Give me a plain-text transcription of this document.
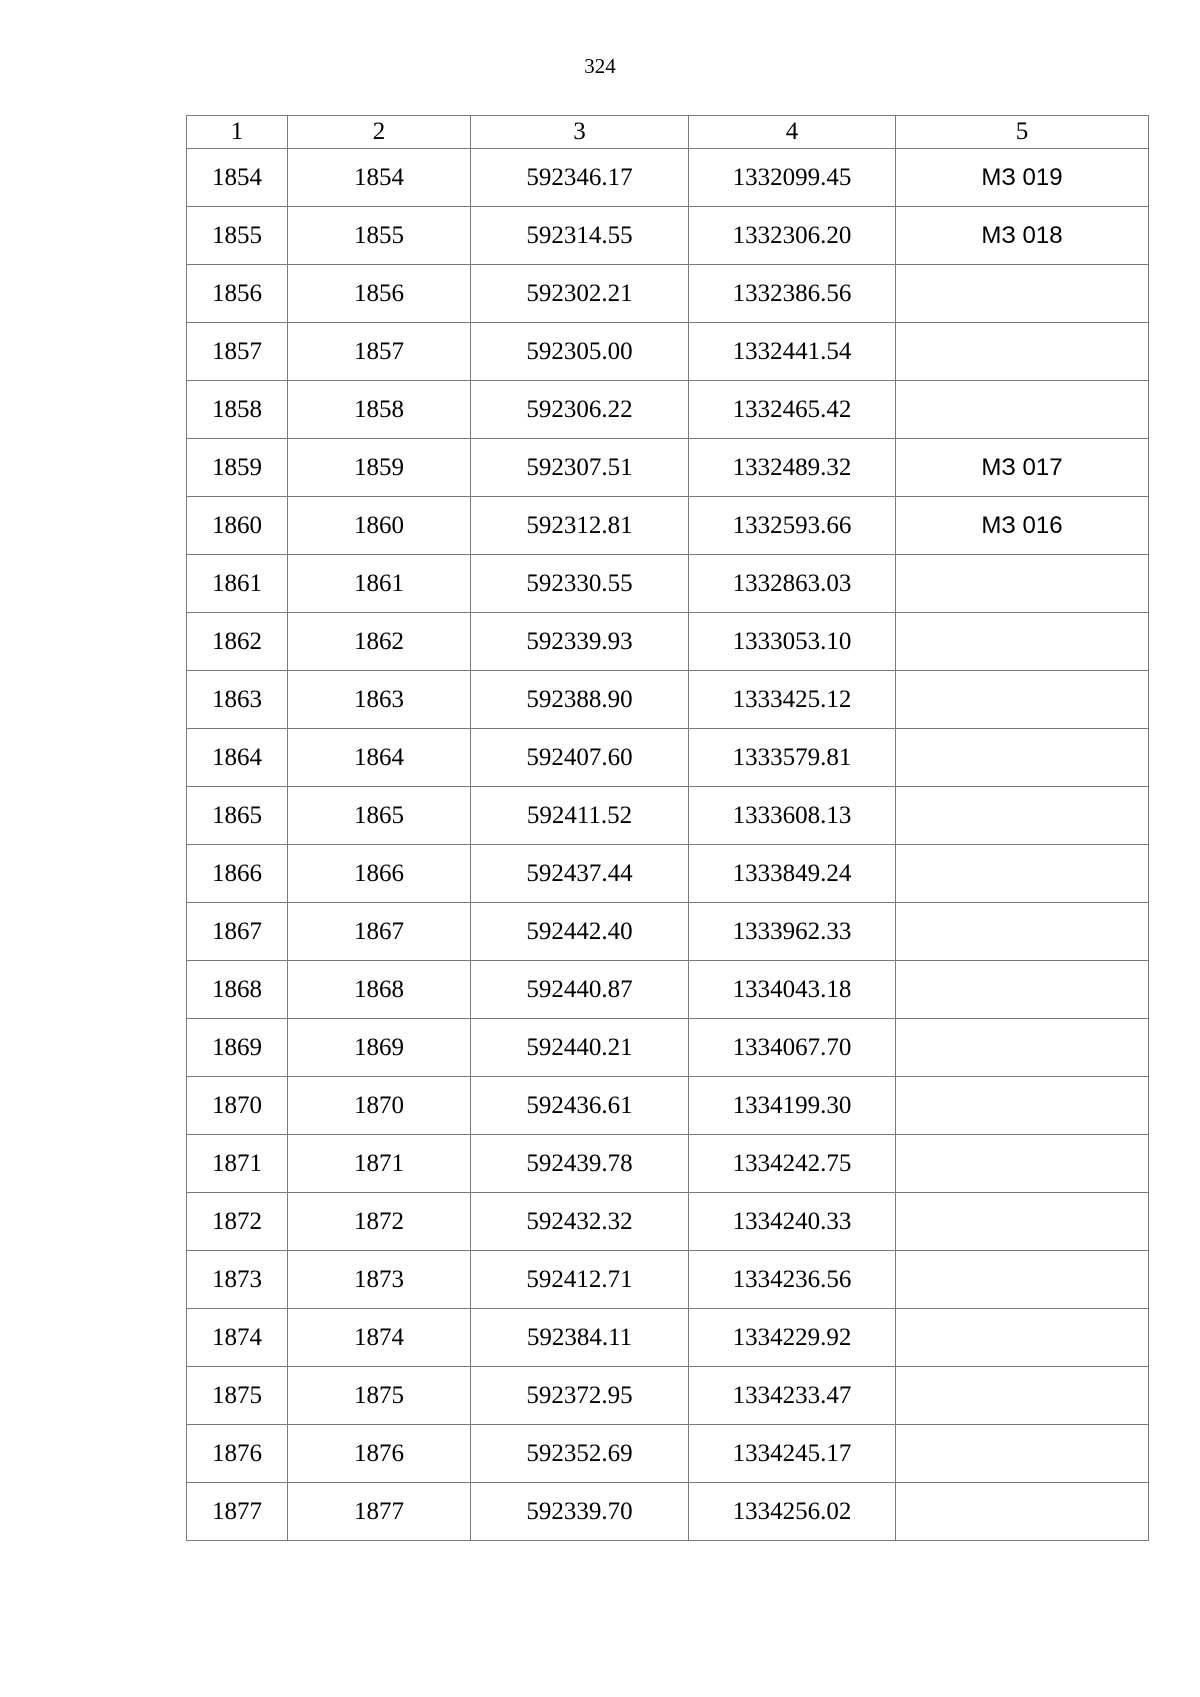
324
1	2	3	4	5
1854	1854	592346.17	1332099.45	МЗ 019
1855	1855	592314.55	1332306.20	МЗ 018
1856	1856	592302.21	1332386.56	
1857	1857	592305.00	1332441.54	
1858	1858	592306.22	1332465.42	
1859	1859	592307.51	1332489.32	МЗ 017
1860	1860	592312.81	1332593.66	МЗ 016
1861	1861	592330.55	1332863.03	
1862	1862	592339.93	1333053.10	
1863	1863	592388.90	1333425.12	
1864	1864	592407.60	1333579.81	
1865	1865	592411.52	1333608.13	
1866	1866	592437.44	1333849.24	
1867	1867	592442.40	1333962.33	
1868	1868	592440.87	1334043.18	
1869	1869	592440.21	1334067.70	
1870	1870	592436.61	1334199.30	
1871	1871	592439.78	1334242.75	
1872	1872	592432.32	1334240.33	
1873	1873	592412.71	1334236.56	
1874	1874	592384.11	1334229.92	
1875	1875	592372.95	1334233.47	
1876	1876	592352.69	1334245.17	
1877	1877	592339.70	1334256.02	
